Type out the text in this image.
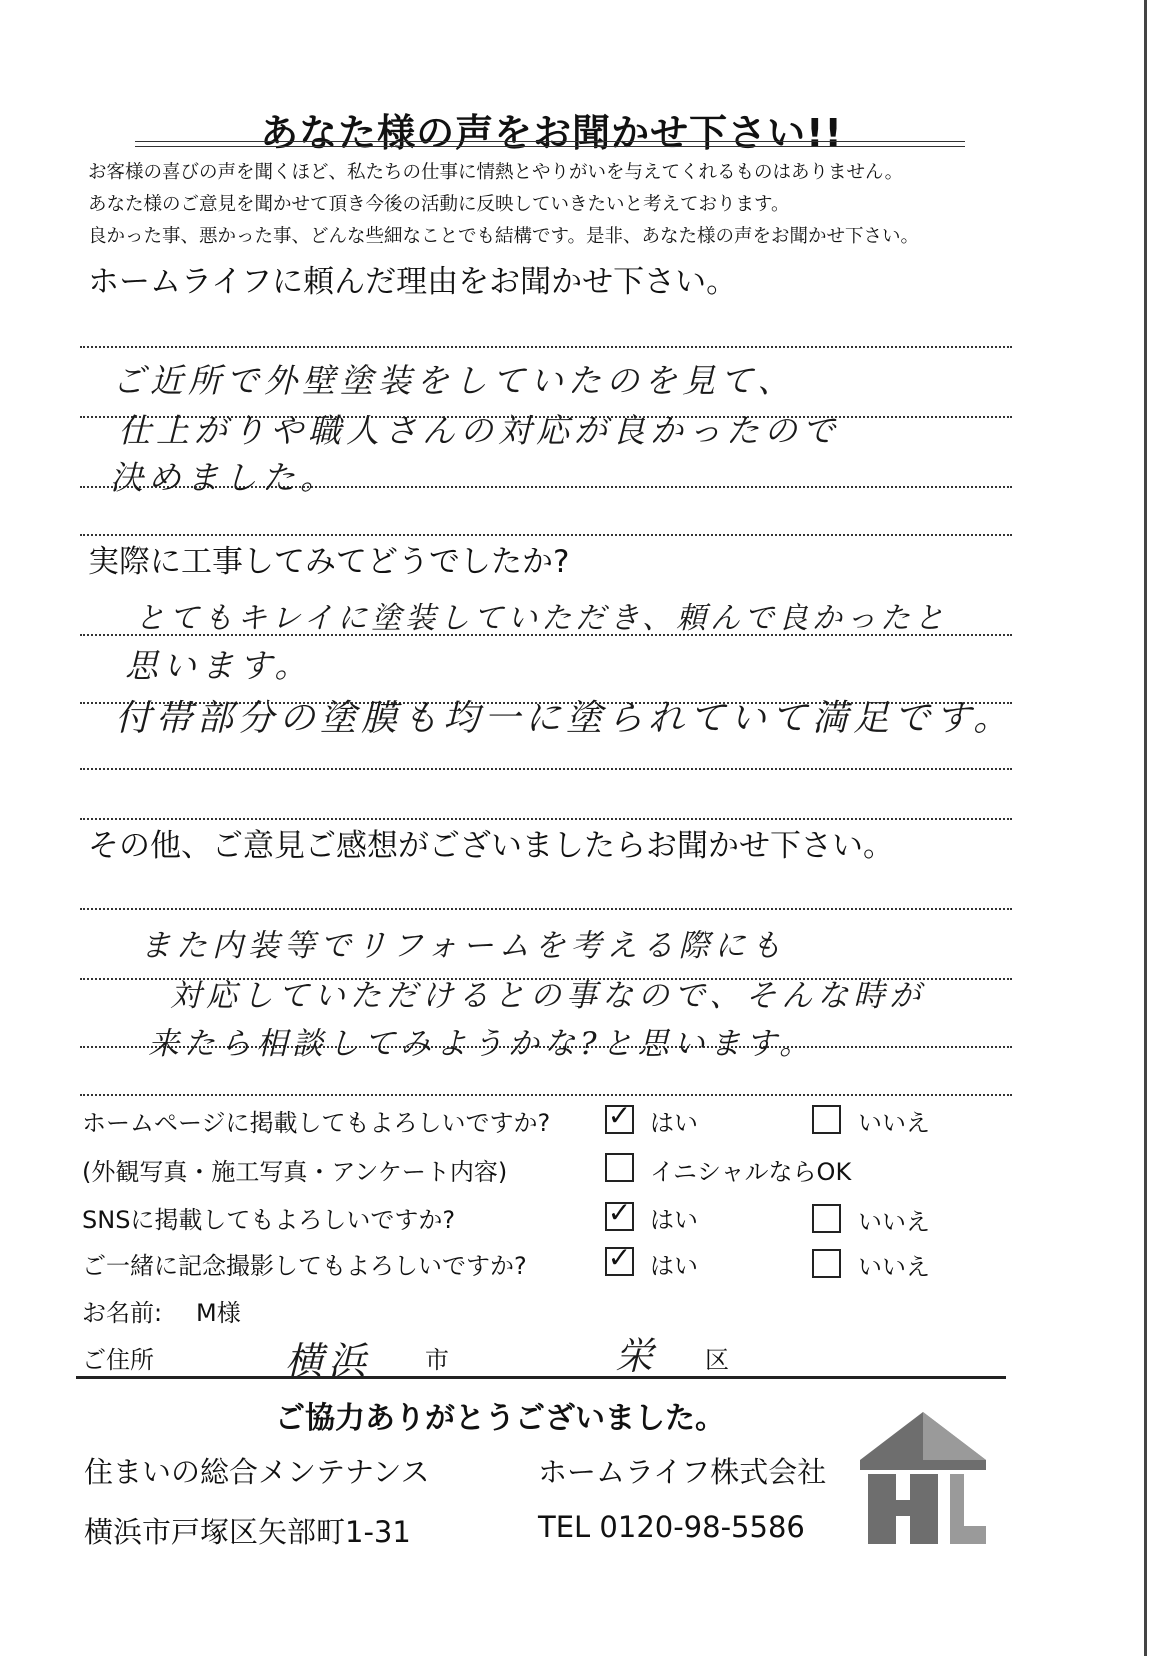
あなた様の声をお聞かせ下さい!!
お客様の喜びの声を聞くほど、私たちの仕事に情熱とやりがいを与えてくれるものはありません。
あなた様のご意見を聞かせて頂き今後の活動に反映していきたいと考えております。
良かった事、悪かった事、どんな些細なことでも結構です。是非、あなた様の声をお聞かせ下さい。
ホームライフに頼んだ理由をお聞かせ下さい。
ご近所で外壁塗装をしていたのを見て、
仕上がりや職人さんの対応が良かったので
決めました。
実際に工事してみてどうでしたか?
とてもキレイに塗装していただき、頼んで良かったと
思います。
付帯部分の塗膜も均一に塗られていて満足です。
その他、ご意見ご感想がございましたらお聞かせ下さい。
また内装等でリフォームを考える際にも
対応していただけるとの事なので、そんな時が
来たら相談してみようかな?と思います。
ホームページに掲載してもよろしいですか? ✓ はい	いいえ
(外観写真・施工写真・アンケート内容)	イニシャルならOK
SNSに掲載してもよろしいですか?	✓ はい	いいえ
ご一緒に記念撮影してもよろしいですか?	✓ はい	いいえ
お名前: M様
ご住所	横浜 市	栄 区
ご協力ありがとうございました。
住まいの総合メンテナンス
横浜市戸塚区矢部町1-31
ホームライフ株式会社
TEL 0120-98-5586
